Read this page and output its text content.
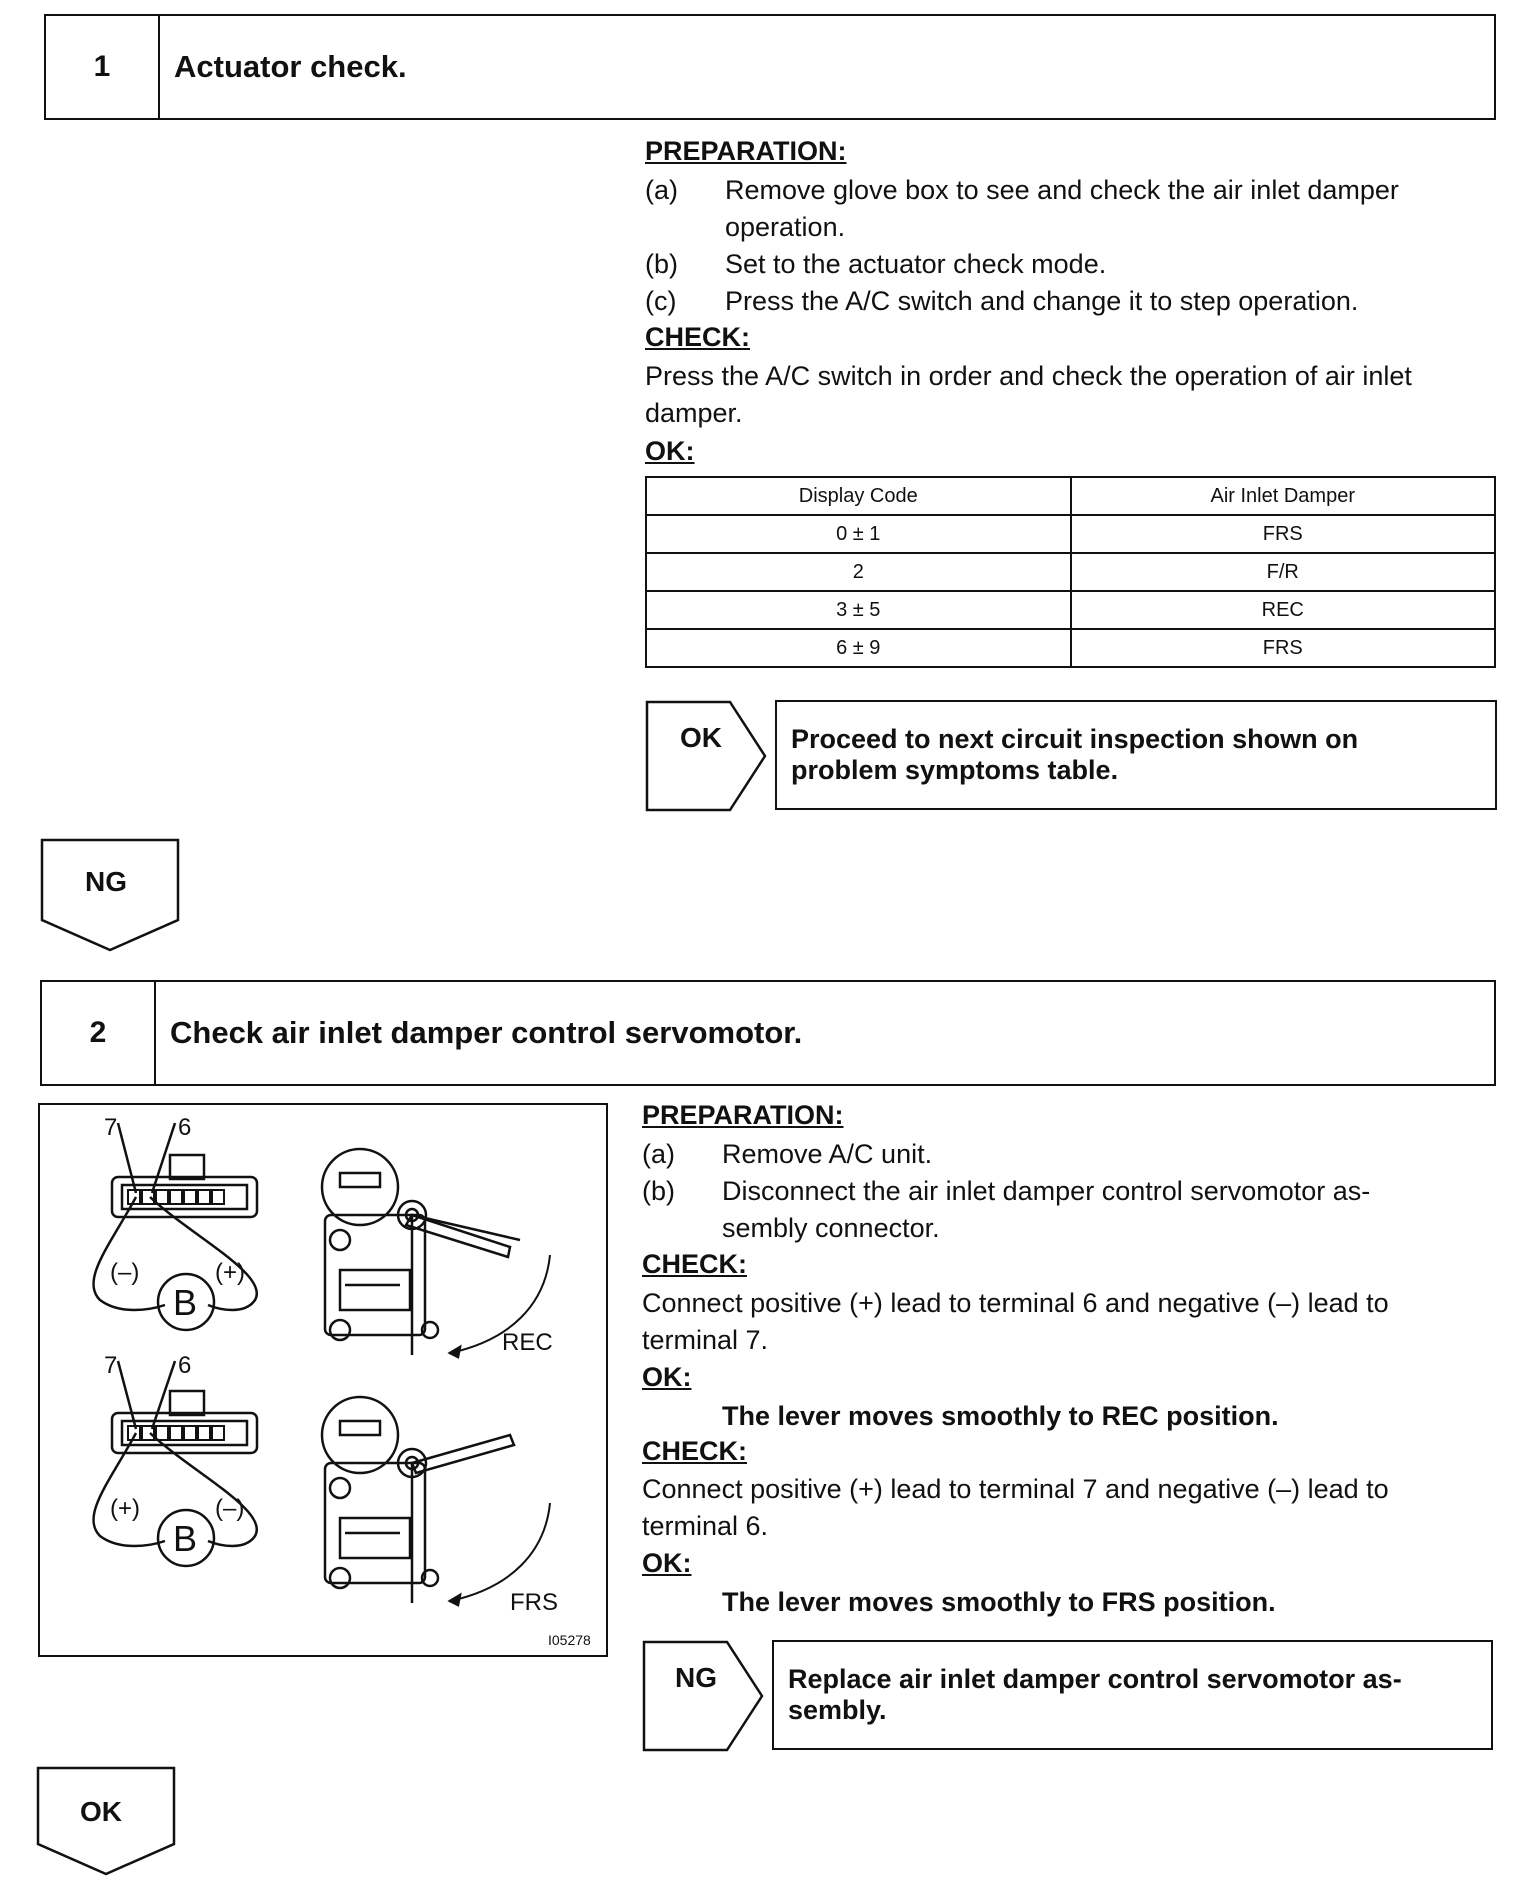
1	Actuator check.
PREPARATION:
(a) Remove glove box to see and check the air inlet damper
operation.
(b) Set to the actuator check mode.
(c) Press the A/C switch and change it to step operation.
CHECK:
Press the A/C switch in order and check the operation of air inlet
damper.
OK:
Display Code	Air Inlet Damper
0 ± 1	FRS
2	F/R
3 ± 5	REC
6 ± 9	FRS
OK	Proceed to next circuit inspection shown on
problem symptoms table.
NG
2	Check air inlet damper control servomotor.
7	6
(–)	(+)
7	6
(+)	(–)
REC
FRS
B
B
I05278
PREPARATION:
(a) Remove A/C unit.
(b) Disconnect the air inlet damper control servomotor as-
sembly connector.
CHECK:
Connect positive (+) lead to terminal 6 and negative (–) lead to
terminal 7.
OK:
The lever moves smoothly to REC position.
CHECK:
Connect positive (+) lead to terminal 7 and negative (–) lead to
terminal 6.
OK:
The lever moves smoothly to FRS position.
NG	Replace air inlet damper control servomotor as-
sembly.
OK
